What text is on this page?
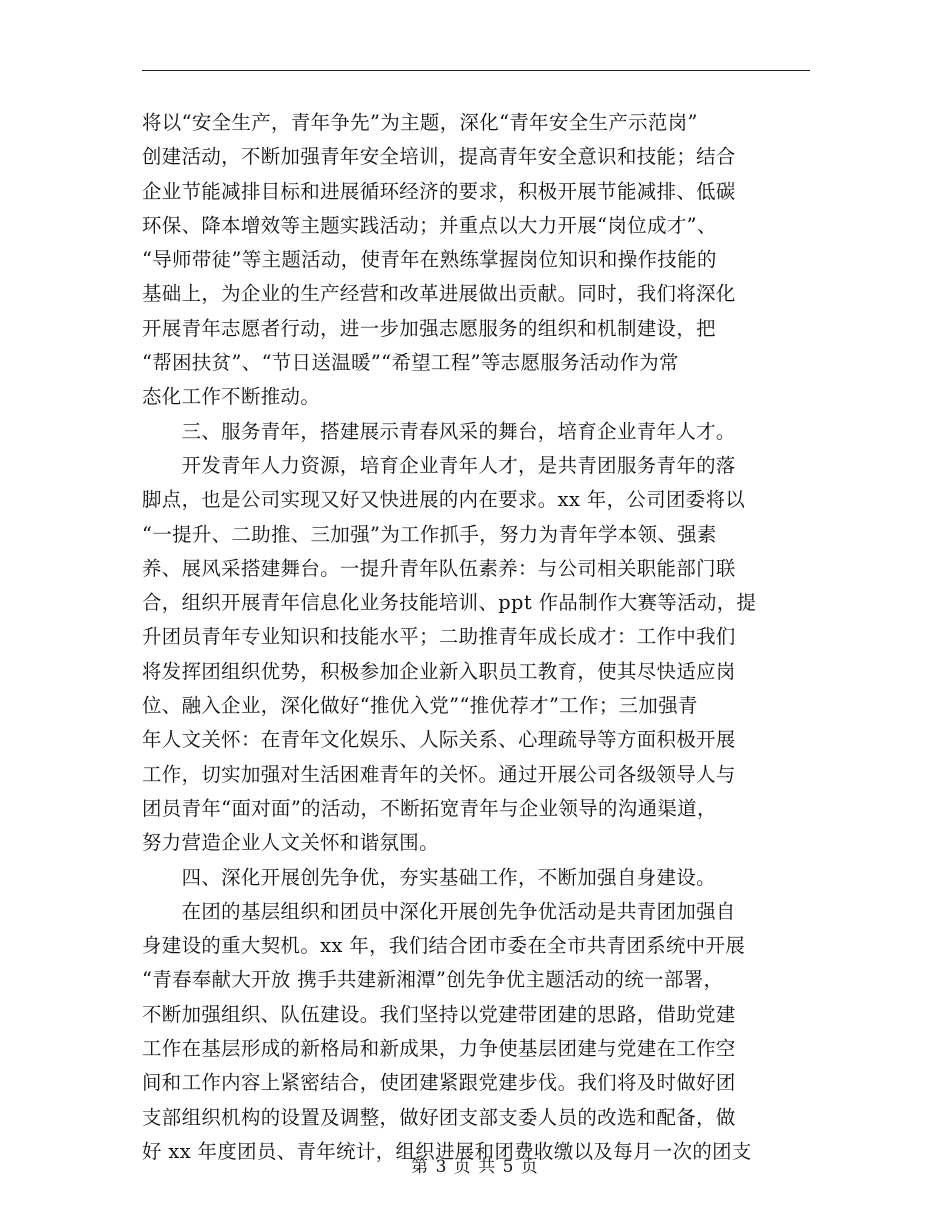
将以“安全生产，青年争先”为主题，深化“青年安全生产示范岗”
创建活动，不断加强青年安全培训，提高青年安全意识和技能；结合
企业节能减排目标和进展循环经济的要求，积极开展节能减排、低碳
环保、降本增效等主题实践活动；并重点以大力开展“岗位成才”、
“导师带徒”等主题活动，使青年在熟练掌握岗位知识和操作技能的
基础上，为企业的生产经营和改革进展做出贡献。同时，我们将深化
开展青年志愿者行动，进一步加强志愿服务的组织和机制建设，把
“帮困扶贫”、“节日送温暖”“希望工程”等志愿服务活动作为常
态化工作不断推动。
　　三、服务青年，搭建展示青春风采的舞台，培育企业青年人才。
　　开发青年人力资源，培育企业青年人才，是共青团服务青年的落
脚点，也是公司实现又好又快进展的内在要求。xx 年，公司团委将以
“一提升、二助推、三加强”为工作抓手，努力为青年学本领、强素
养、展风采搭建舞台。一提升青年队伍素养：与公司相关职能部门联
合，组织开展青年信息化业务技能培训、ppt 作品制作大赛等活动，提
升团员青年专业知识和技能水平；二助推青年成长成才：工作中我们
将发挥团组织优势，积极参加企业新入职员工教育，使其尽快适应岗
位、融入企业，深化做好“推优入党”“推优荐才”工作；三加强青
年人文关怀：在青年文化娱乐、人际关系、心理疏导等方面积极开展
工作，切实加强对生活困难青年的关怀。通过开展公司各级领导人与
团员青年“面对面”的活动，不断拓宽青年与企业领导的沟通渠道，
努力营造企业人文关怀和谐氛围。
　　四、深化开展创先争优，夯实基础工作，不断加强自身建设。
　　在团的基层组织和团员中深化开展创先争优活动是共青团加强自
身建设的重大契机。xx 年，我们结合团市委在全市共青团系统中开展
“青春奉献大开放 携手共建新湘潭”创先争优主题活动的统一部署，
不断加强组织、队伍建设。我们坚持以党建带团建的思路，借助党建
工作在基层形成的新格局和新成果，力争使基层团建与党建在工作空
间和工作内容上紧密结合，使团建紧跟党建步伐。我们将及时做好团
支部组织机构的设置及调整，做好团支部支委人员的改选和配备，做
好 xx 年度团员、青年统计，组织进展和团费收缴以及每月一次的团支
第 3 页 共 5 页
